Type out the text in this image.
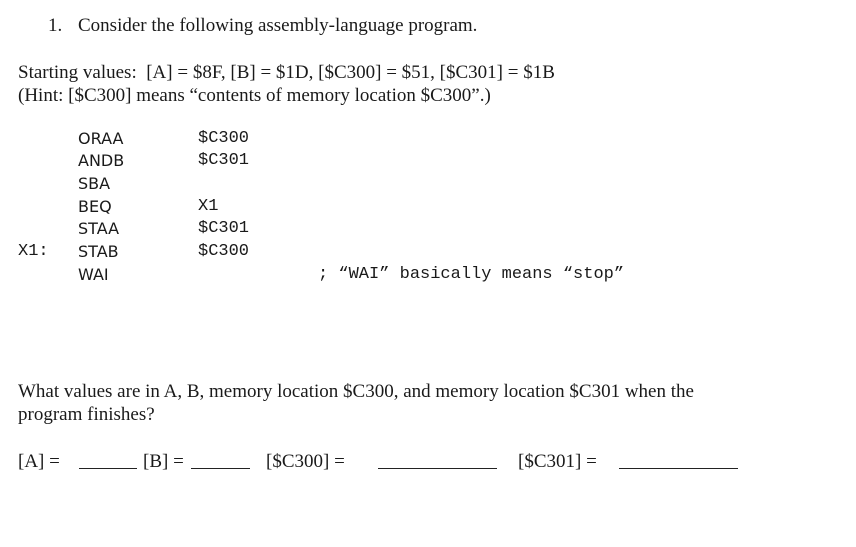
1. Consider the following assembly-language program.
Starting values:  [A] = $8F, [B] = $1D, [$C300] = $51, [$C301] = $1B
(Hint: [$C300] means “contents of memory location $C300”.)
ORAA	$C300
ANDB	$C301
SBA
BEQ	X1
STAA	$C301
X1: STAB	$C300
WAI	; “WAI” basically means “stop”
What values are in A, B, memory location $C300, and memory location $C301 when the
program finishes?
[A] =	[B] =	[$C300] =	[$C301] =
